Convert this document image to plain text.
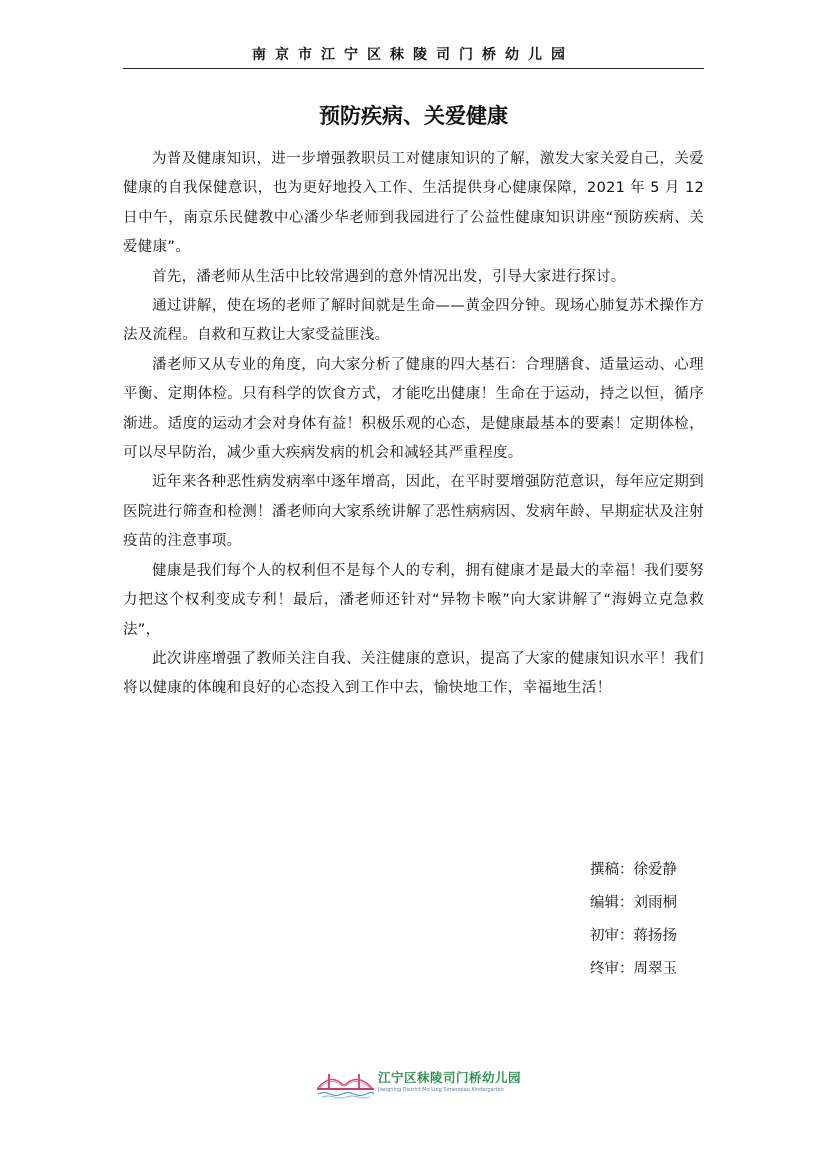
南京市江宁区秣陵司门桥幼儿园
预防疾病、关爱健康

为普及健康知识，进一步增强教职员工对健康知识的了解，激发大家关爱自己，关爱健康的自我保健意识，也为更好地投入工作、生活提供身心健康保障，2021 年 5 月 12 日中午，南京乐民健教中心潘少华老师到我园进行了公益性健康知识讲座“预防疾病、关爱健康”。

首先，潘老师从生活中比较常遇到的意外情况出发，引导大家进行探讨。

通过讲解，使在场的老师了解时间就是生命——黄金四分钟。现场心肺复苏术操作方法及流程。自救和互救让大家受益匪浅。

潘老师又从专业的角度，向大家分析了健康的四大基石：合理膳食、适量运动、心理平衡、定期体检。只有科学的饮食方式，才能吃出健康！生命在于运动，持之以恒，循序渐进。适度的运动才会对身体有益！积极乐观的心态，是健康最基本的要素！定期体检，可以尽早防治，减少重大疾病发病的机会和减轻其严重程度。

近年来各种恶性病发病率中逐年增高，因此，在平时要增强防范意识，每年应定期到医院进行筛查和检测！潘老师向大家系统讲解了恶性病病因、发病年龄、早期症状及注射疫苗的注意事项。

健康是我们每个人的权利但不是每个人的专利，拥有健康才是最大的幸福！我们要努力把这个权利变成专利！最后，潘老师还针对“异物卡喉”向大家讲解了“海姆立克急救法”，

此次讲座增强了教师关注自我、关注健康的意识，提高了大家的健康知识水平！我们将以健康的体魄和良好的心态投入到工作中去，愉快地工作，幸福地生活！

撰稿：徐爱静
编辑：刘雨桐
初审：蒋扬扬
终审：周翠玉
江宁区秣陵司门桥幼儿园
Jiangning District Mo Ling Simenqiao Kindergarten
